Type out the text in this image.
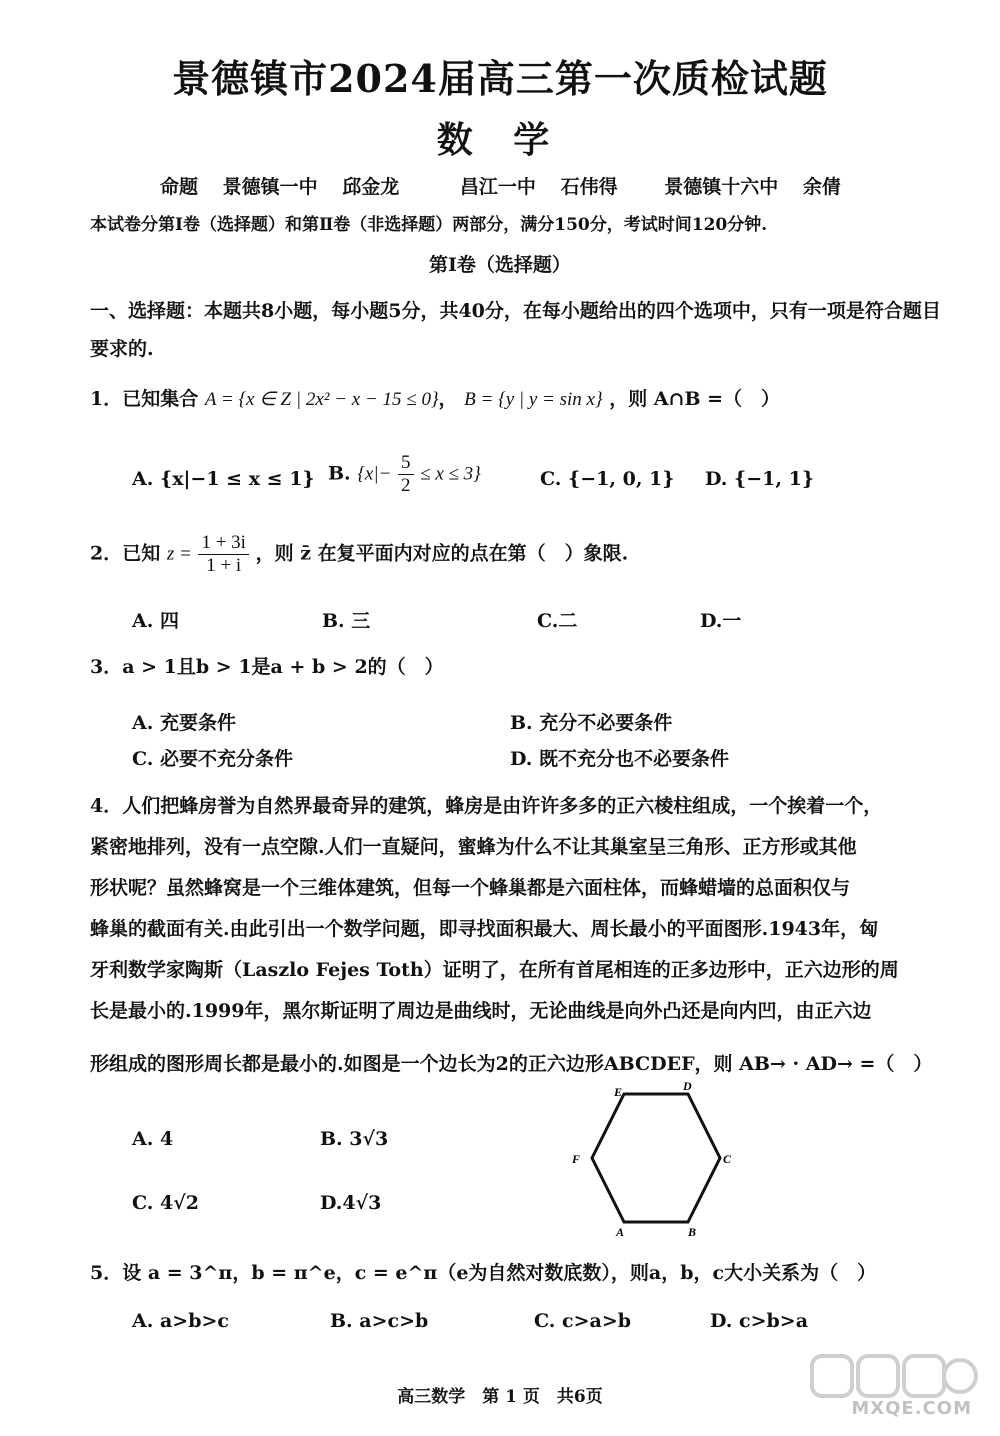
景德镇市2024届高三第一次质检试题
数 学
命题 景德镇一中 邱金龙	昌江一中 石伟得 景德镇十六中 余倩
本试卷分第Ⅰ卷（选择题）和第Ⅱ卷（非选择题）两部分，满分150分，考试时间120分钟.
第Ⅰ卷（选择题）
一、选择题：本题共8小题，每小题5分，共40分，在每小题给出的四个选项中，只有一项是符合题目要求的.
1．已知集合 A = {x ∈ Z | 2x² − x − 15 ≤ 0}， B = {y | y = sin x} ，则 A∩B =（　）
A. {x|−1 ≤ x ≤ 1} B. $\{x|- \frac{5}{2} \le x \le 3\}$	C. {−1, 0, 1} D. {−1, 1}
2．已知 $z = \frac{1 + 3i}{1 + i}$ ，则 z̄ 在复平面内对应的点在第（　）象限.
A. 四	B. 三	C.二	D.一
3．a > 1且b > 1是a + b > 2的（　）
A. 充要条件	B. 充分不必要条件
C. 必要不充分条件	D. 既不充分也不必要条件
4．人们把蜂房誉为自然界最奇异的建筑，蜂房是由许许多多的正六棱柱组成，一个挨着一个，
紧密地排列，没有一点空隙.人们一直疑问，蜜蜂为什么不让其巢室呈三角形、正方形或其他
形状呢？虽然蜂窝是一个三维体建筑，但每一个蜂巢都是六面柱体，而蜂蜡墙的总面积仅与
蜂巢的截面有关.由此引出一个数学问题，即寻找面积最大、周长最小的平面图形.1943年，匈
牙利数学家陶斯（Laszlo Fejes Toth）证明了，在所有首尾相连的正多边形中，正六边形的周
长是最小的.1999年，黑尔斯证明了周边是曲线时，无论曲线是向外凸还是向内凹，由正六边
形组成的图形周长都是最小的.如图是一个边长为2的正六边形ABCDEF，则 AB→ · AD→ =（　）
A. 4	B. 3√3
C. 4√2	D.4√3
A	B
C
D
E
F
5．设 a = 3^π，b = π^e，c = e^π（e为自然对数底数），则a，b，c大小关系为（　）
A. a>b>c	B. a>c>b	C. c>a>b	D. c>b>a
高三数学　第 1 页　共6页
MXQE.COM
